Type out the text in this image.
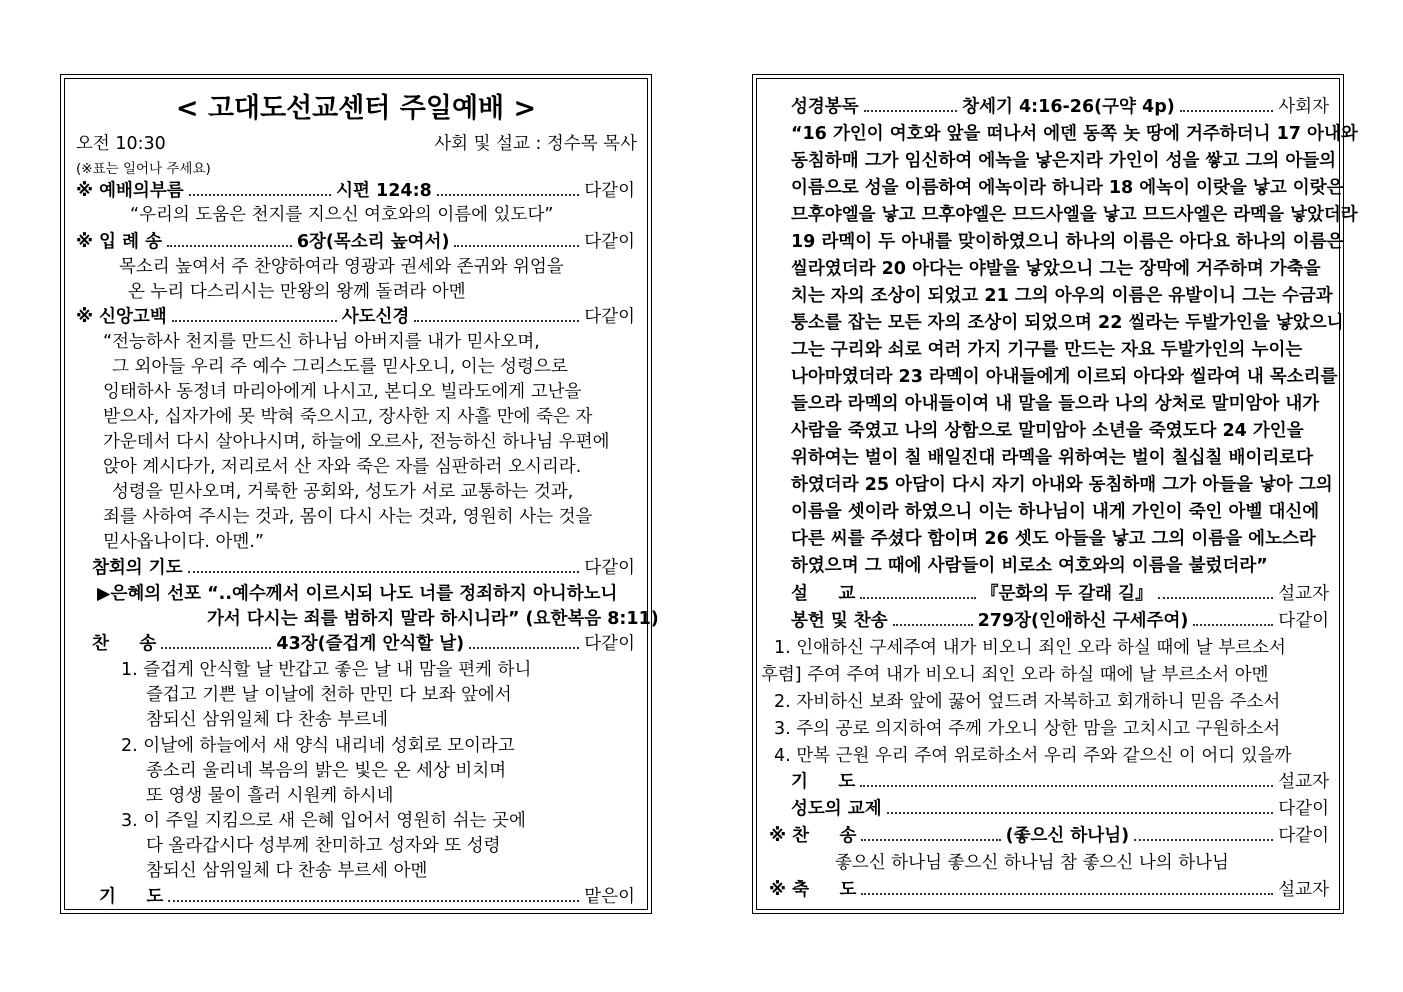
< 고대도선교센터 주일예배 >
오전 10:30	사회 및 설교 : 정수목 목사
(※표는 일어나 주세요)
※ 예배의부름	시편 124:8	다같이
“우리의 도움은 천지를 지으신 여호와의 이름에 있도다”
※ 입 례 송	6장(목소리 높여서)	다같이
목소리 높여서 주 찬양하여라 영광과 권세와 존귀와 위엄을
온 누리 다스리시는 만왕의 왕께 돌려라 아멘
※ 신앙고백	사도신경	다같이
“전능하사 천지를 만드신 하나님 아버지를 내가 믿사오며,
그 외아들 우리 주 예수 그리스도를 믿사오니, 이는 성령으로
잉태하사 동정녀 마리아에게 나시고, 본디오 빌라도에게 고난을
받으사, 십자가에 못 박혀 죽으시고, 장사한 지 사흘 만에 죽은 자
가운데서 다시 살아나시며, 하늘에 오르사, 전능하신 하나님 우편에
앉아 계시다가, 저리로서 산 자와 죽은 자를 심판하러 오시리라.
성령을 믿사오며, 거룩한 공회와, 성도가 서로 교통하는 것과,
죄를 사하여 주시는 것과, 몸이 다시 사는 것과, 영원히 사는 것을
믿사옵나이다. 아멘.”
참회의 기도	다같이
▶은혜의 선포 “..예수께서 이르시되 나도 너를 정죄하지 아니하노니
가서 다시는 죄를 범하지 말라 하시니라” (요한복음 8:11)
찬     송	43장(즐겁게 안식할 날)	다같이
1. 즐겁게 안식할 날 반갑고 좋은 날 내 맘을 편케 하니
즐겁고 기쁜 날 이날에 천하 만민 다 보좌 앞에서
참되신 삼위일체 다 찬송 부르네
2. 이날에 하늘에서 새 양식 내리네 성회로 모이라고
종소리 울리네 복음의 밝은 빛은 온 세상 비치며
또 영생 물이 흘러 시원케 하시네
3. 이 주일 지킴으로 새 은혜 입어서 영원히 쉬는 곳에
다 올라갑시다 성부께 찬미하고 성자와 또 성령
참되신 삼위일체 다 찬송 부르세 아멘
기     도	맡은이
성경봉독	창세기 4:16-26(구약 4p)	사회자
“16 가인이 여호와 앞을 떠나서 에덴 동쪽 놋 땅에 거주하더니 17 아내와
동침하매 그가 임신하여 에녹을 낳은지라 가인이 성을 쌓고 그의 아들의
이름으로 성을 이름하여 에녹이라 하니라 18 에녹이 이랏을 낳고 이랏은
므후야엘을 낳고 므후야엘은 므드사엘을 낳고 므드사엘은 라멕을 낳았더라
19 라멕이 두 아내를 맞이하였으니 하나의 이름은 아다요 하나의 이름은
씰라였더라 20 아다는 야발을 낳았으니 그는 장막에 거주하며 가축을
치는 자의 조상이 되었고 21 그의 아우의 이름은 유발이니 그는 수금과
퉁소를 잡는 모든 자의 조상이 되었으며 22 씰라는 두발가인을 낳았으니
그는 구리와 쇠로 여러 가지 기구를 만드는 자요 두발가인의 누이는
나아마였더라 23 라멕이 아내들에게 이르되 아다와 씰라여 내 목소리를
들으라 라멕의 아내들이여 내 말을 들으라 나의 상처로 말미암아 내가
사람을 죽였고 나의 상함으로 말미암아 소년을 죽였도다 24 가인을
위하여는 벌이 칠 배일진대 라멕을 위하여는 벌이 칠십칠 배이리로다
하였더라 25 아담이 다시 자기 아내와 동침하매 그가 아들을 낳아 그의
이름을 셋이라 하였으니 이는 하나님이 내게 가인이 죽인 아벨 대신에
다른 씨를 주셨다 함이며 26 셋도 아들을 낳고 그의 이름을 에노스라
하였으며 그 때에 사람들이 비로소 여호와의 이름을 불렀더라”
설     교	『문화의 두 갈래 길』	설교자
봉헌 및 찬송	279장(인애하신 구세주여)	다같이
1. 인애하신 구세주여 내가 비오니 죄인 오라 하실 때에 날 부르소서
후렴] 주여 주여 내가 비오니 죄인 오라 하실 때에 날 부르소서 아멘
2. 자비하신 보좌 앞에 꿇어 엎드려 자복하고 회개하니 믿음 주소서
3. 주의 공로 의지하여 주께 가오니 상한 맘을 고치시고 구원하소서
4. 만복 근원 우리 주여 위로하소서 우리 주와 같으신 이 어디 있을까
기     도	설교자
성도의 교제	다같이
※ 찬     송	(좋으신 하나님)	다같이
좋으신 하나님 좋으신 하나님 참 좋으신 나의 하나님
※ 축     도	설교자
